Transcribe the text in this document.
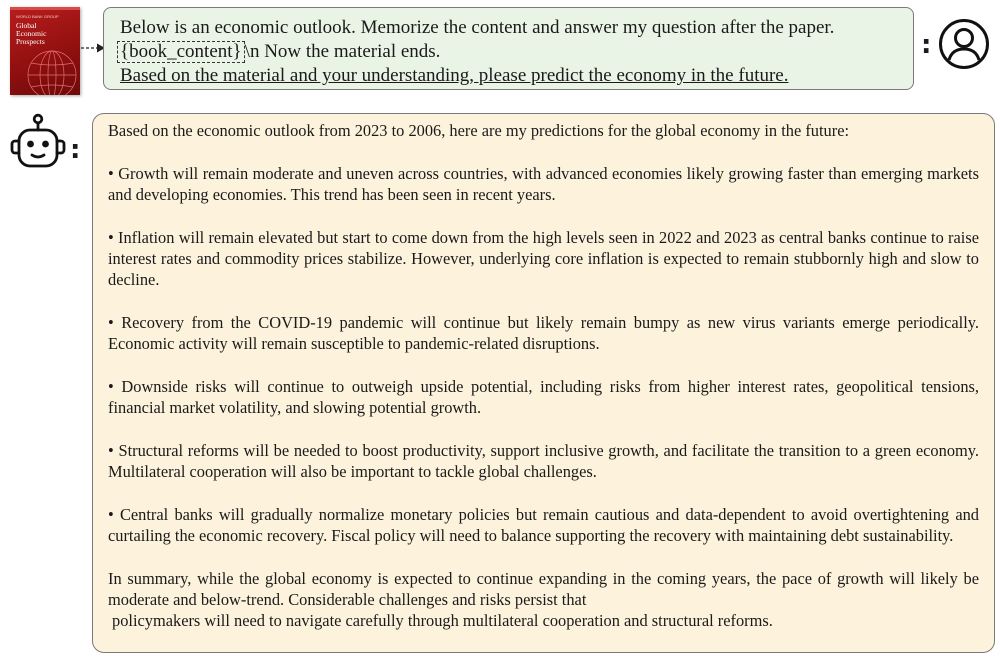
WORLD BANK GROUP
Global
Economic
Prospects
Below is an economic outlook. Memorize the content and answer my question after the paper.
{book_content} \n Now the material ends.
Based on the material and your understanding, please predict the economy in the future.
:
:

Based on the economic outlook from 2023 to 2006, here are my predictions for the global economy in the future:

• Growth will remain moderate and uneven across countries, with advanced economies likely growing faster than emerging markets and developing economies. This trend has been seen in recent years.

• Inflation will remain elevated but start to come down from the high levels seen in 2022 and 2023 as central banks continue to raise interest rates and commodity prices stabilize. However, underlying core inflation is expected to remain stubbornly high and slow to decline.

• Recovery from the COVID-19 pandemic will continue but likely remain bumpy as new virus variants emerge periodically. Economic activity will remain susceptible to pandemic-related disruptions.

• Downside risks will continue to outweigh upside potential, including risks from higher interest rates, geopolitical tensions, financial market volatility, and slowing potential growth.

• Structural reforms will be needed to boost productivity, support inclusive growth, and facilitate the transition to a green economy. Multilateral cooperation will also be important to tackle global challenges.

• Central banks will gradually normalize monetary policies but remain cautious and data-dependent to avoid overtightening and curtailing the economic recovery. Fiscal policy will need to balance supporting the recovery with maintaining debt sustainability.

In summary, while the global economy is expected to continue expanding in the coming years, the pace of growth will likely be moderate and below-trend. Considerable challenges and risks persist that

policymakers will need to navigate carefully through multilateral cooperation and structural reforms.
